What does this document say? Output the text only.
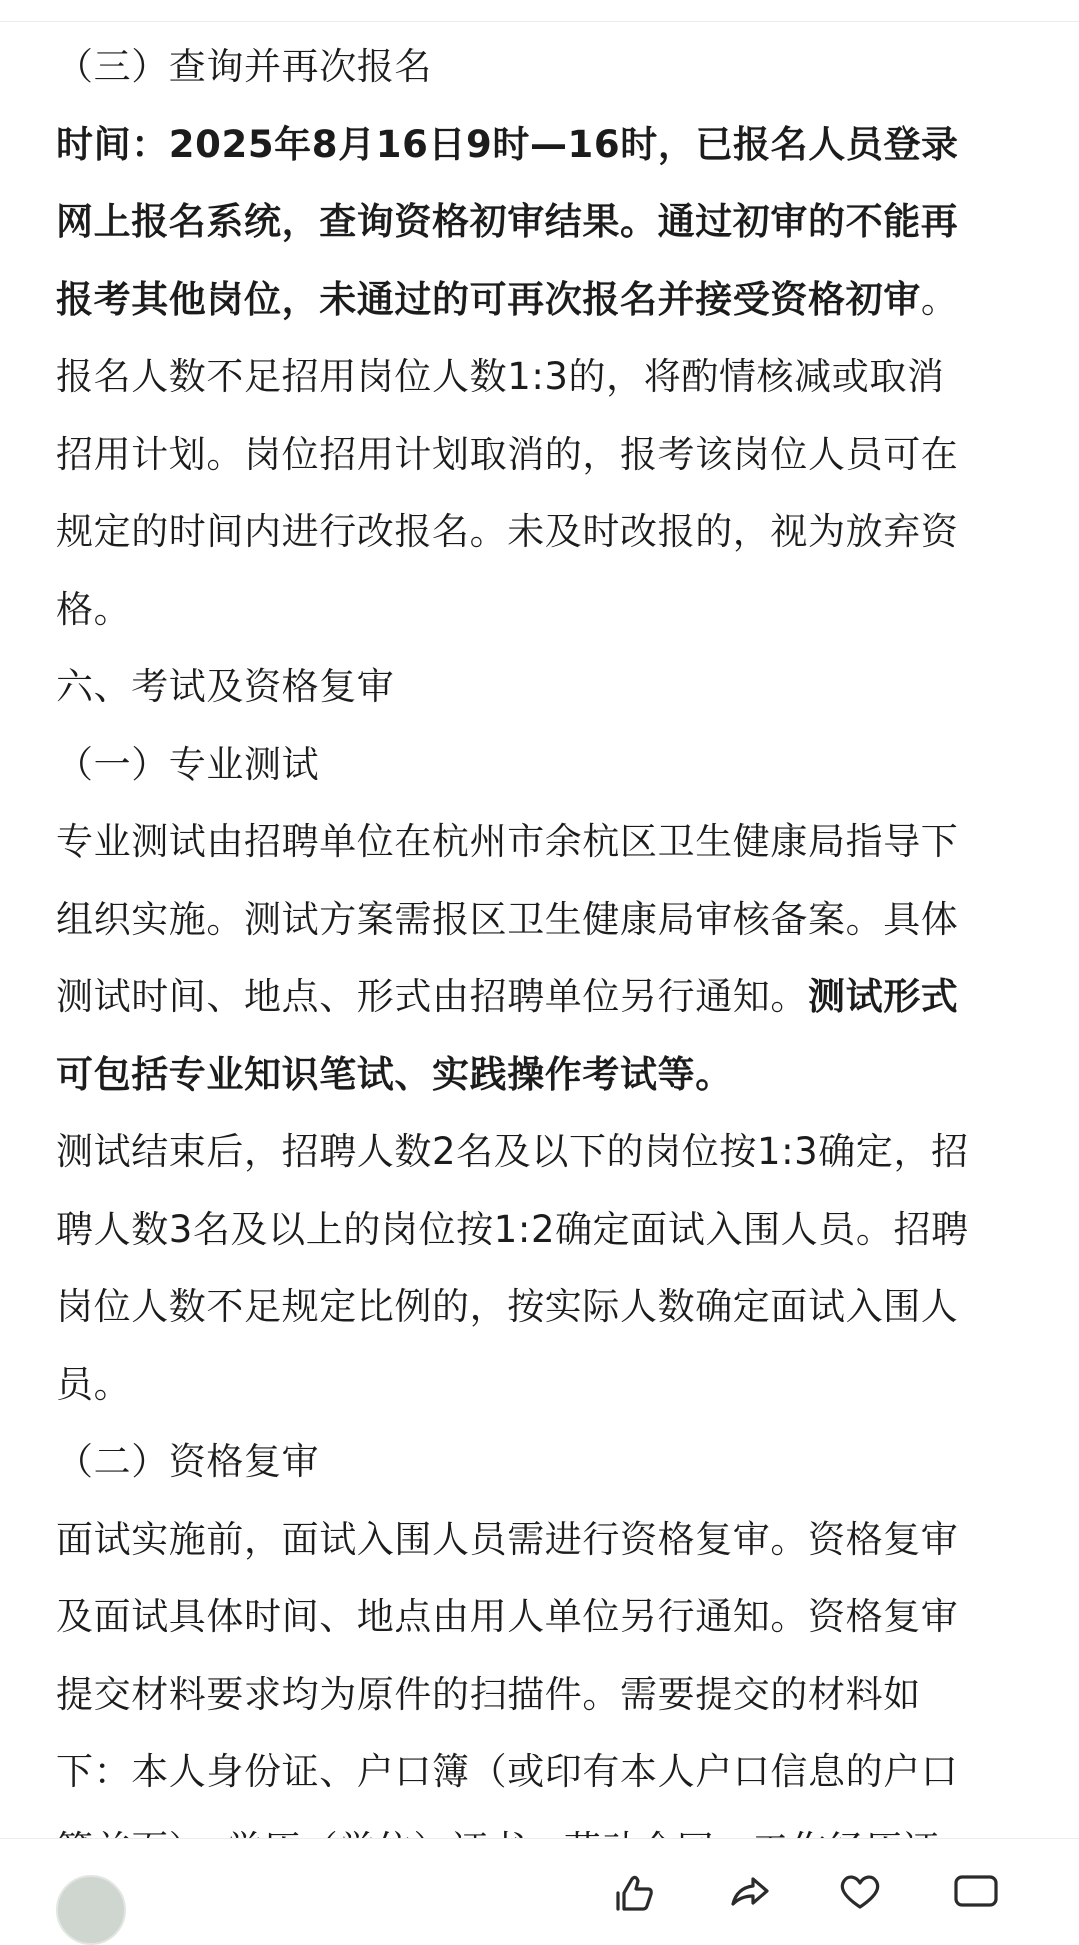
（三）查询并再次报名
时间：2025年8月16日9时—16时，已报名人员登录
网上报名系统，查询资格初审结果。通过初审的不能再
报考其他岗位，未通过的可再次报名并接受资格初审。
报名人数不足招用岗位人数1:3的，将酌情核减或取消
招用计划。岗位招用计划取消的，报考该岗位人员可在
规定的时间内进行改报名。未及时改报的，视为放弃资
格。
六、考试及资格复审
（一）专业测试
专业测试由招聘单位在杭州市余杭区卫生健康局指导下
组织实施。测试方案需报区卫生健康局审核备案。具体
测试时间、地点、形式由招聘单位另行通知。测试形式
可包括专业知识笔试、实践操作考试等。
测试结束后，招聘人数2名及以下的岗位按1:3确定，招
聘人数3名及以上的岗位按1:2确定面试入围人员。招聘
岗位人数不足规定比例的，按实际人数确定面试入围人
员。
（二）资格复审
面试实施前，面试入围人员需进行资格复审。资格复审
及面试具体时间、地点由用人单位另行通知。资格复审
提交材料要求均为原件的扫描件。需要提交的材料如
下：本人身份证、户口簿（或印有本人户口信息的户口
